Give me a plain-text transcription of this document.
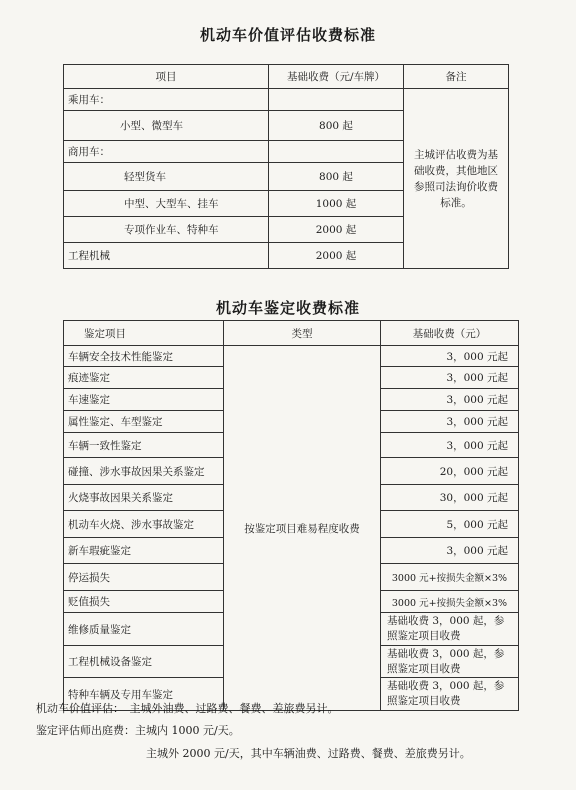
机动车价值评估收费标准
项目	基础收费（元/车牌）	备注
乘用车：		主城评估收费为基础收费，其他地区参照司法询价收费标准。
小型、微型车	800 起	
商用车：		
轻型货车	800 起	
中型、大型车、挂车	1000 起	
专项作业车、特种车	2000 起	
工程机械	2000 起	
机动车鉴定收费标准
鉴定项目	类型	基础收费（元）
车辆安全技术性能鉴定	按鉴定项目难易程度收费	3，000 元起
痕迹鉴定		3，000 元起
车速鉴定		3，000 元起
属性鉴定、车型鉴定		3，000 元起
车辆一致性鉴定		3，000 元起
碰撞、涉水事故因果关系鉴定		20，000 元起
火烧事故因果关系鉴定		30，000 元起
机动车火烧、涉水事故鉴定		5，000 元起
新车瑕疵鉴定		3，000 元起
停运损失		3000 元+按损失金额×3%
贬值损失		3000 元+按损失金额×3%
维修质量鉴定		基础收费 3，000 起，参照鉴定项目收费
工程机械设备鉴定		基础收费 3，000 起，参照鉴定项目收费
特种车辆及专用车鉴定		基础收费 3，000 起，参照鉴定项目收费
机动车价值评估：　主城外油费、过路费、餐费、差旅费另计。
鉴定评估师出庭费：主城内 1000 元/天。
主城外 2000 元/天，其中车辆油费、过路费、餐费、差旅费另计。
